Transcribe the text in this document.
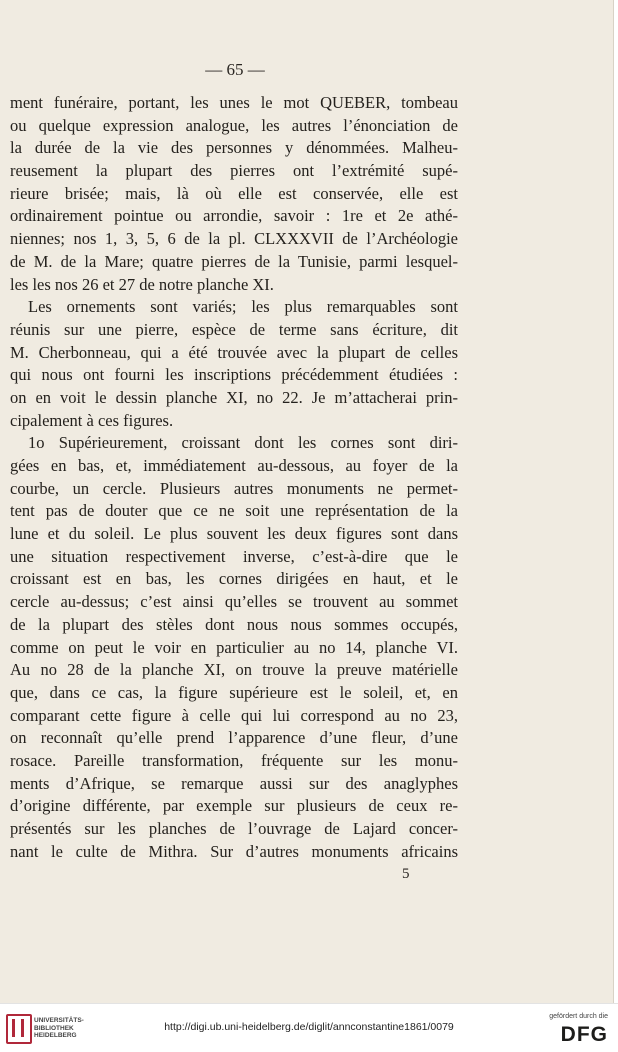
— 65 —
ment funéraire, portant, les unes le mot QUEBER, tombeau
ou quelque expression analogue, les autres l’énonciation de
la durée de la vie des personnes y dénommées. Malheu-
reusement la plupart des pierres ont l’extrémité supé-
rieure brisée; mais, là où elle est conservée, elle est
ordinairement pointue ou arrondie, savoir : 1re et 2e athé-
niennes; nos 1, 3, 5, 6 de la pl. CLXXXVII de l’Archéologie
de M. de la Mare; quatre pierres de la Tunisie, parmi lesquel-
les les nos 26 et 27 de notre planche XI.
Les ornements sont variés; les plus remarquables sont
réunis sur une pierre, espèce de terme sans écriture, dit
M. Cherbonneau, qui a été trouvée avec la plupart de celles
qui nous ont fourni les inscriptions précédemment étudiées :
on en voit le dessin planche XI, no 22. Je m’attacherai prin-
cipalement à ces figures.
1o Supérieurement, croissant dont les cornes sont diri-
gées en bas, et, immédiatement au-dessous, au foyer de la
courbe, un cercle. Plusieurs autres monuments ne permet-
tent pas de douter que ce ne soit une représentation de la
lune et du soleil. Le plus souvent les deux figures sont dans
une situation respectivement inverse, c’est-à-dire que le
croissant est en bas, les cornes dirigées en haut, et le
cercle au-dessus; c’est ainsi qu’elles se trouvent au sommet
de la plupart des stèles dont nous nous sommes occupés,
comme on peut le voir en particulier au no 14, planche VI.
Au no 28 de la planche XI, on trouve la preuve matérielle
que, dans ce cas, la figure supérieure est le soleil, et, en
comparant cette figure à celle qui lui correspond au no 23,
on reconnaît qu’elle prend l’apparence d’une fleur, d’une
rosace. Pareille transformation, fréquente sur les monu-
ments d’Afrique, se remarque aussi sur des anaglyphes
d’origine différente, par exemple sur plusieurs de ceux re-
présentés sur les planches de l’ouvrage de Lajard concer-
nant le culte de Mithra. Sur d’autres monuments africains
5
UNIVERSITÄTS-
BIBLIOTHEK
HEIDELBERG
http://digi.ub.uni-heidelberg.de/diglit/annconstantine1861/0079
gefördert durch die
DFG
